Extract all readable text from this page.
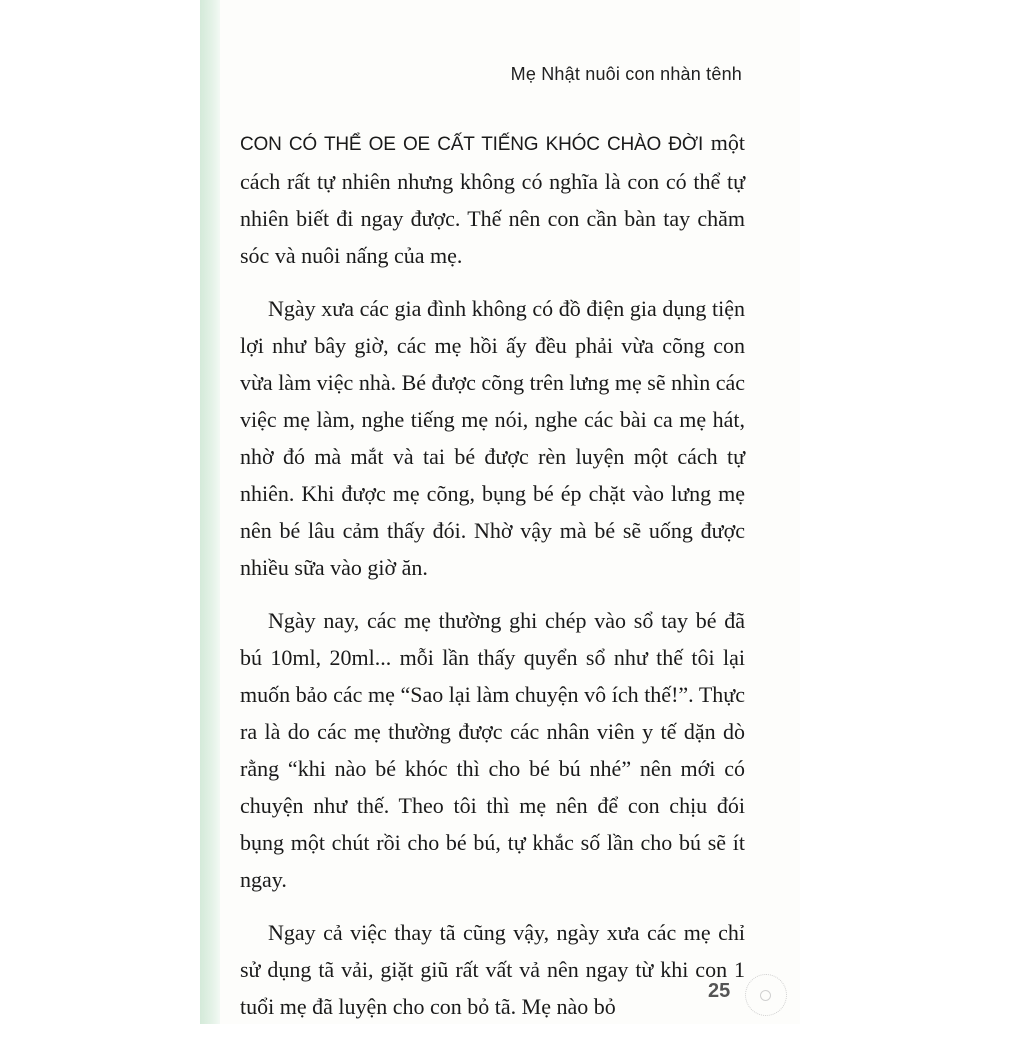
Mẹ Nhật nuôi con nhàn tênh

CON CÓ THỂ OE OE CẤT TIẾNG KHÓC CHÀO ĐỜI một cách rất tự nhiên nhưng không có nghĩa là con có thể tự nhiên biết đi ngay được. Thế nên con cần bàn tay chăm sóc và nuôi nấng của mẹ.

Ngày xưa các gia đình không có đồ điện gia dụng tiện lợi như bây giờ, các mẹ hồi ấy đều phải vừa cõng con vừa làm việc nhà. Bé được cõng trên lưng mẹ sẽ nhìn các việc mẹ làm, nghe tiếng mẹ nói, nghe các bài ca mẹ hát, nhờ đó mà mắt và tai bé được rèn luyện một cách tự nhiên. Khi được mẹ cõng, bụng bé ép chặt vào lưng mẹ nên bé lâu cảm thấy đói. Nhờ vậy mà bé sẽ uống được nhiều sữa vào giờ ăn.

Ngày nay, các mẹ thường ghi chép vào sổ tay bé đã bú 10ml, 20ml... mỗi lần thấy quyển sổ như thế tôi lại muốn bảo các mẹ “Sao lại làm chuyện vô ích thế!”. Thực ra là do các mẹ thường được các nhân viên y tế dặn dò rằng “khi nào bé khóc thì cho bé bú nhé” nên mới có chuyện như thế. Theo tôi thì mẹ nên để con chịu đói bụng một chút rồi cho bé bú, tự khắc số lần cho bú sẽ ít ngay.

Ngay cả việc thay tã cũng vậy, ngày xưa các mẹ chỉ sử dụng tã vải, giặt giũ rất vất vả nên ngay từ khi con 1 tuổi mẹ đã luyện cho con bỏ tã. Mẹ nào bỏ

25
